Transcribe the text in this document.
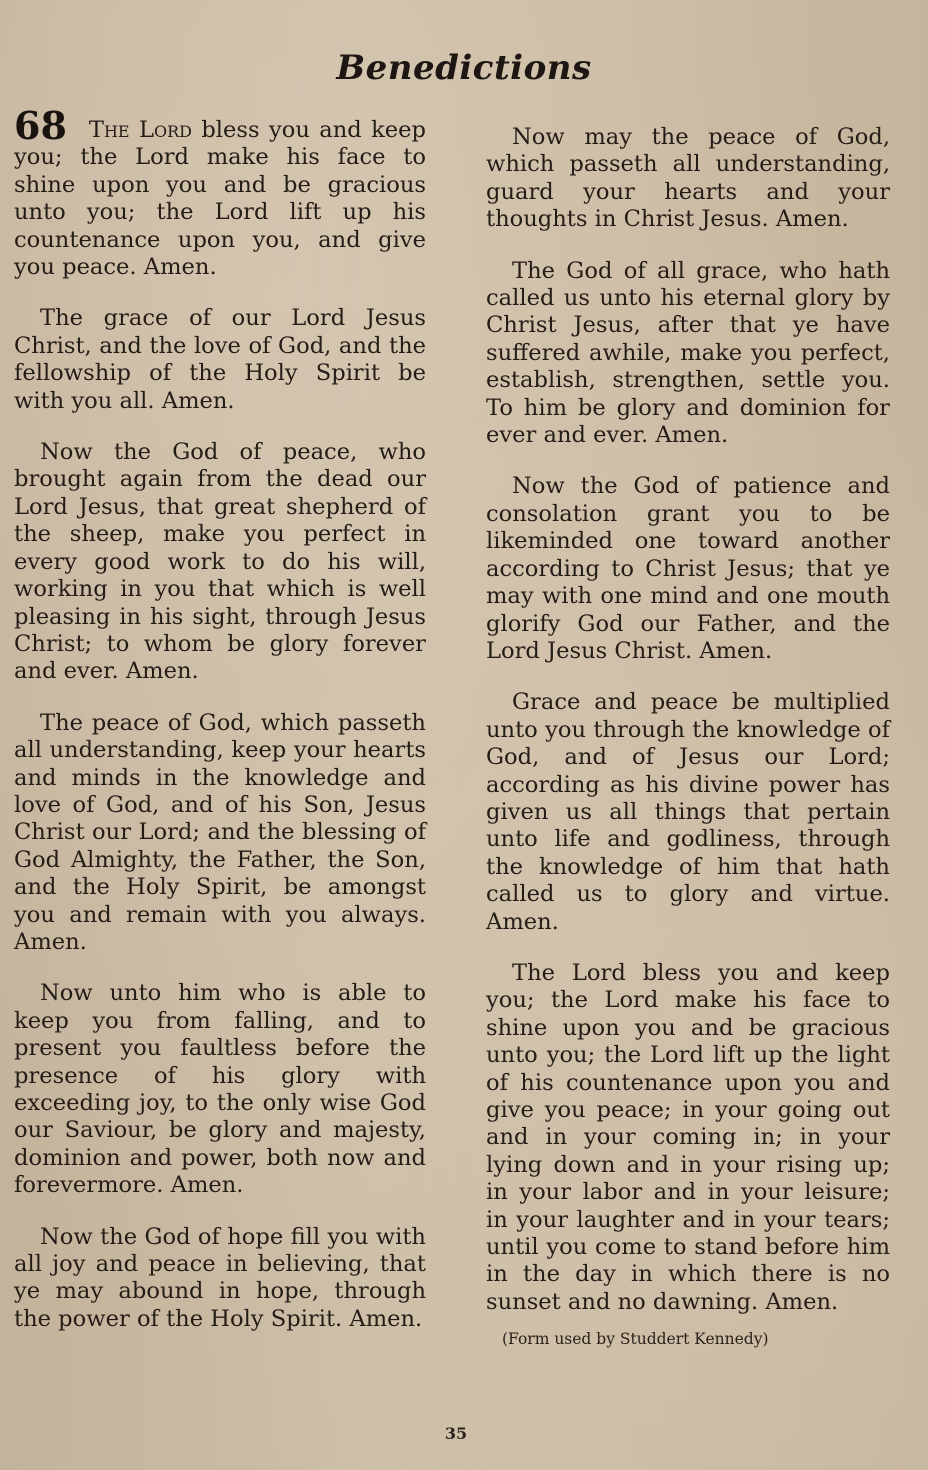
Benedictions

68 The Lord bless you and keep you; the Lord make his face to shine upon you and be gracious unto you; the Lord lift up his countenance upon you, and give you peace. Amen.

The grace of our Lord Jesus Christ, and the love of God, and the fellowship of the Holy Spirit be with you all. Amen.

Now the God of peace, who brought again from the dead our Lord Jesus, that great shepherd of the sheep, make you perfect in every good work to do his will, working in you that which is well pleasing in his sight, through Jesus Christ; to whom be glory forever and ever. Amen.

The peace of God, which passeth all understanding, keep your hearts and minds in the knowledge and love of God, and of his Son, Jesus Christ our Lord; and the blessing of God Almighty, the Father, the Son, and the Holy Spirit, be amongst you and remain with you always. Amen.

Now unto him who is able to keep you from falling, and to present you faultless before the presence of his glory with exceeding joy, to the only wise God our Saviour, be glory and majesty, dominion and power, both now and forevermore. Amen.

Now the God of hope fill you with all joy and peace in believing, that ye may abound in hope, through the power of the Holy Spirit. Amen.

Now may the peace of God, which passeth all understanding, guard your hearts and your thoughts in Christ Jesus. Amen.

The God of all grace, who hath called us unto his eternal glory by Christ Jesus, after that ye have suffered awhile, make you perfect, establish, strengthen, settle you. To him be glory and dominion for ever and ever. Amen.

Now the God of patience and consolation grant you to be likeminded one toward another according to Christ Jesus; that ye may with one mind and one mouth glorify God our Father, and the Lord Jesus Christ. Amen.

Grace and peace be multiplied unto you through the knowledge of God, and of Jesus our Lord; according as his divine power has given us all things that pertain unto life and godliness, through the knowledge of him that hath called us to glory and virtue. Amen.

The Lord bless you and keep you; the Lord make his face to shine upon you and be gracious unto you; the Lord lift up the light of his countenance upon you and give you peace; in your going out and in your coming in; in your lying down and in your rising up; in your labor and in your leisure; in your laughter and in your tears; until you come to stand before him in the day in which there is no sunset and no dawning. Amen.

(Form used by Studdert Kennedy)
35
